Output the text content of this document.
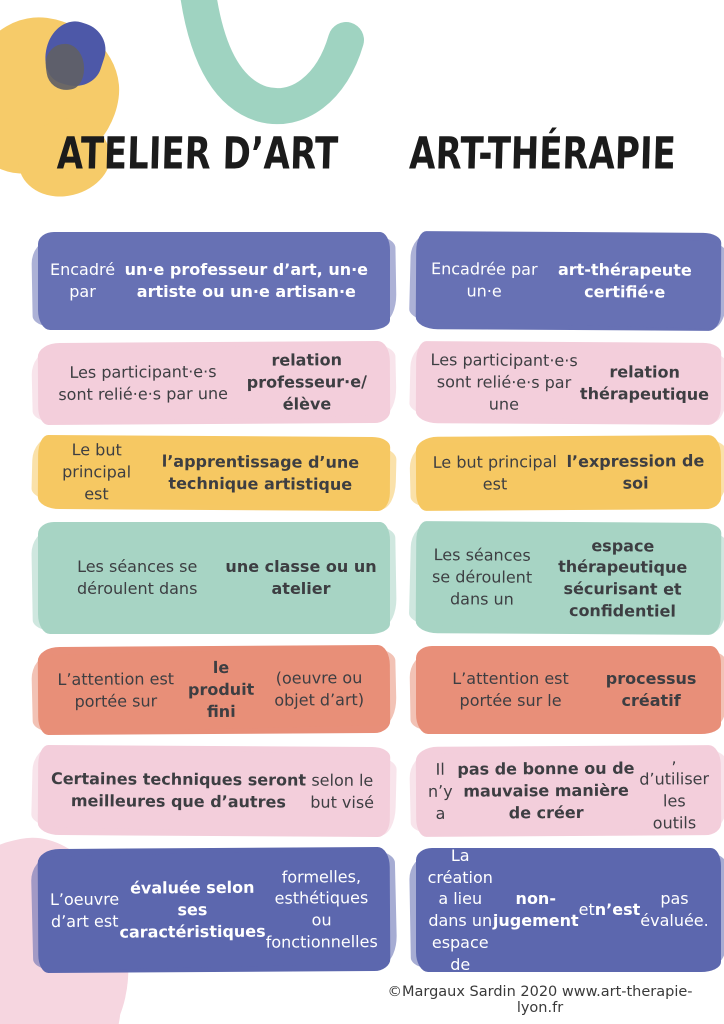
ATELIER D’ART	ART-THÉRAPIE
Encadré par
un·e professeur d’art, un·e artiste ou un·e artisan·e
Encadrée par un·e
art-thérapeute certifié·e
Les participant·e·s sont relié·e·s par une
relation professeur·e/élève
Les participant·e·s sont relié·e·s par une
relation thérapeutique
Le but principal est
l’apprentissage d’une technique artistique
Le but principal est
l’expression de soi
Les séances se déroulent dans
une classe ou un atelier
Les séances se déroulent dans un
espace thérapeutique sécurisant et confidentiel
L’attention est portée sur
le produit fini
(oeuvre ou objet d’art)
L’attention est portée sur le
processus créatif
Certaines techniques seront meilleures que d’autres
selon le but visé
Il n’y a
pas de bonne ou de mauvaise manière de créer
, d’utiliser les outils
L’oeuvre d’art est
évaluée selon ses caractéristiques
formelles, esthétiques ou fonctionnelles
La création a lieu dans un espace de
non-jugement
et n’est
pas évaluée.
©Margaux Sardin 2020 www.art-therapie-lyon.fr
